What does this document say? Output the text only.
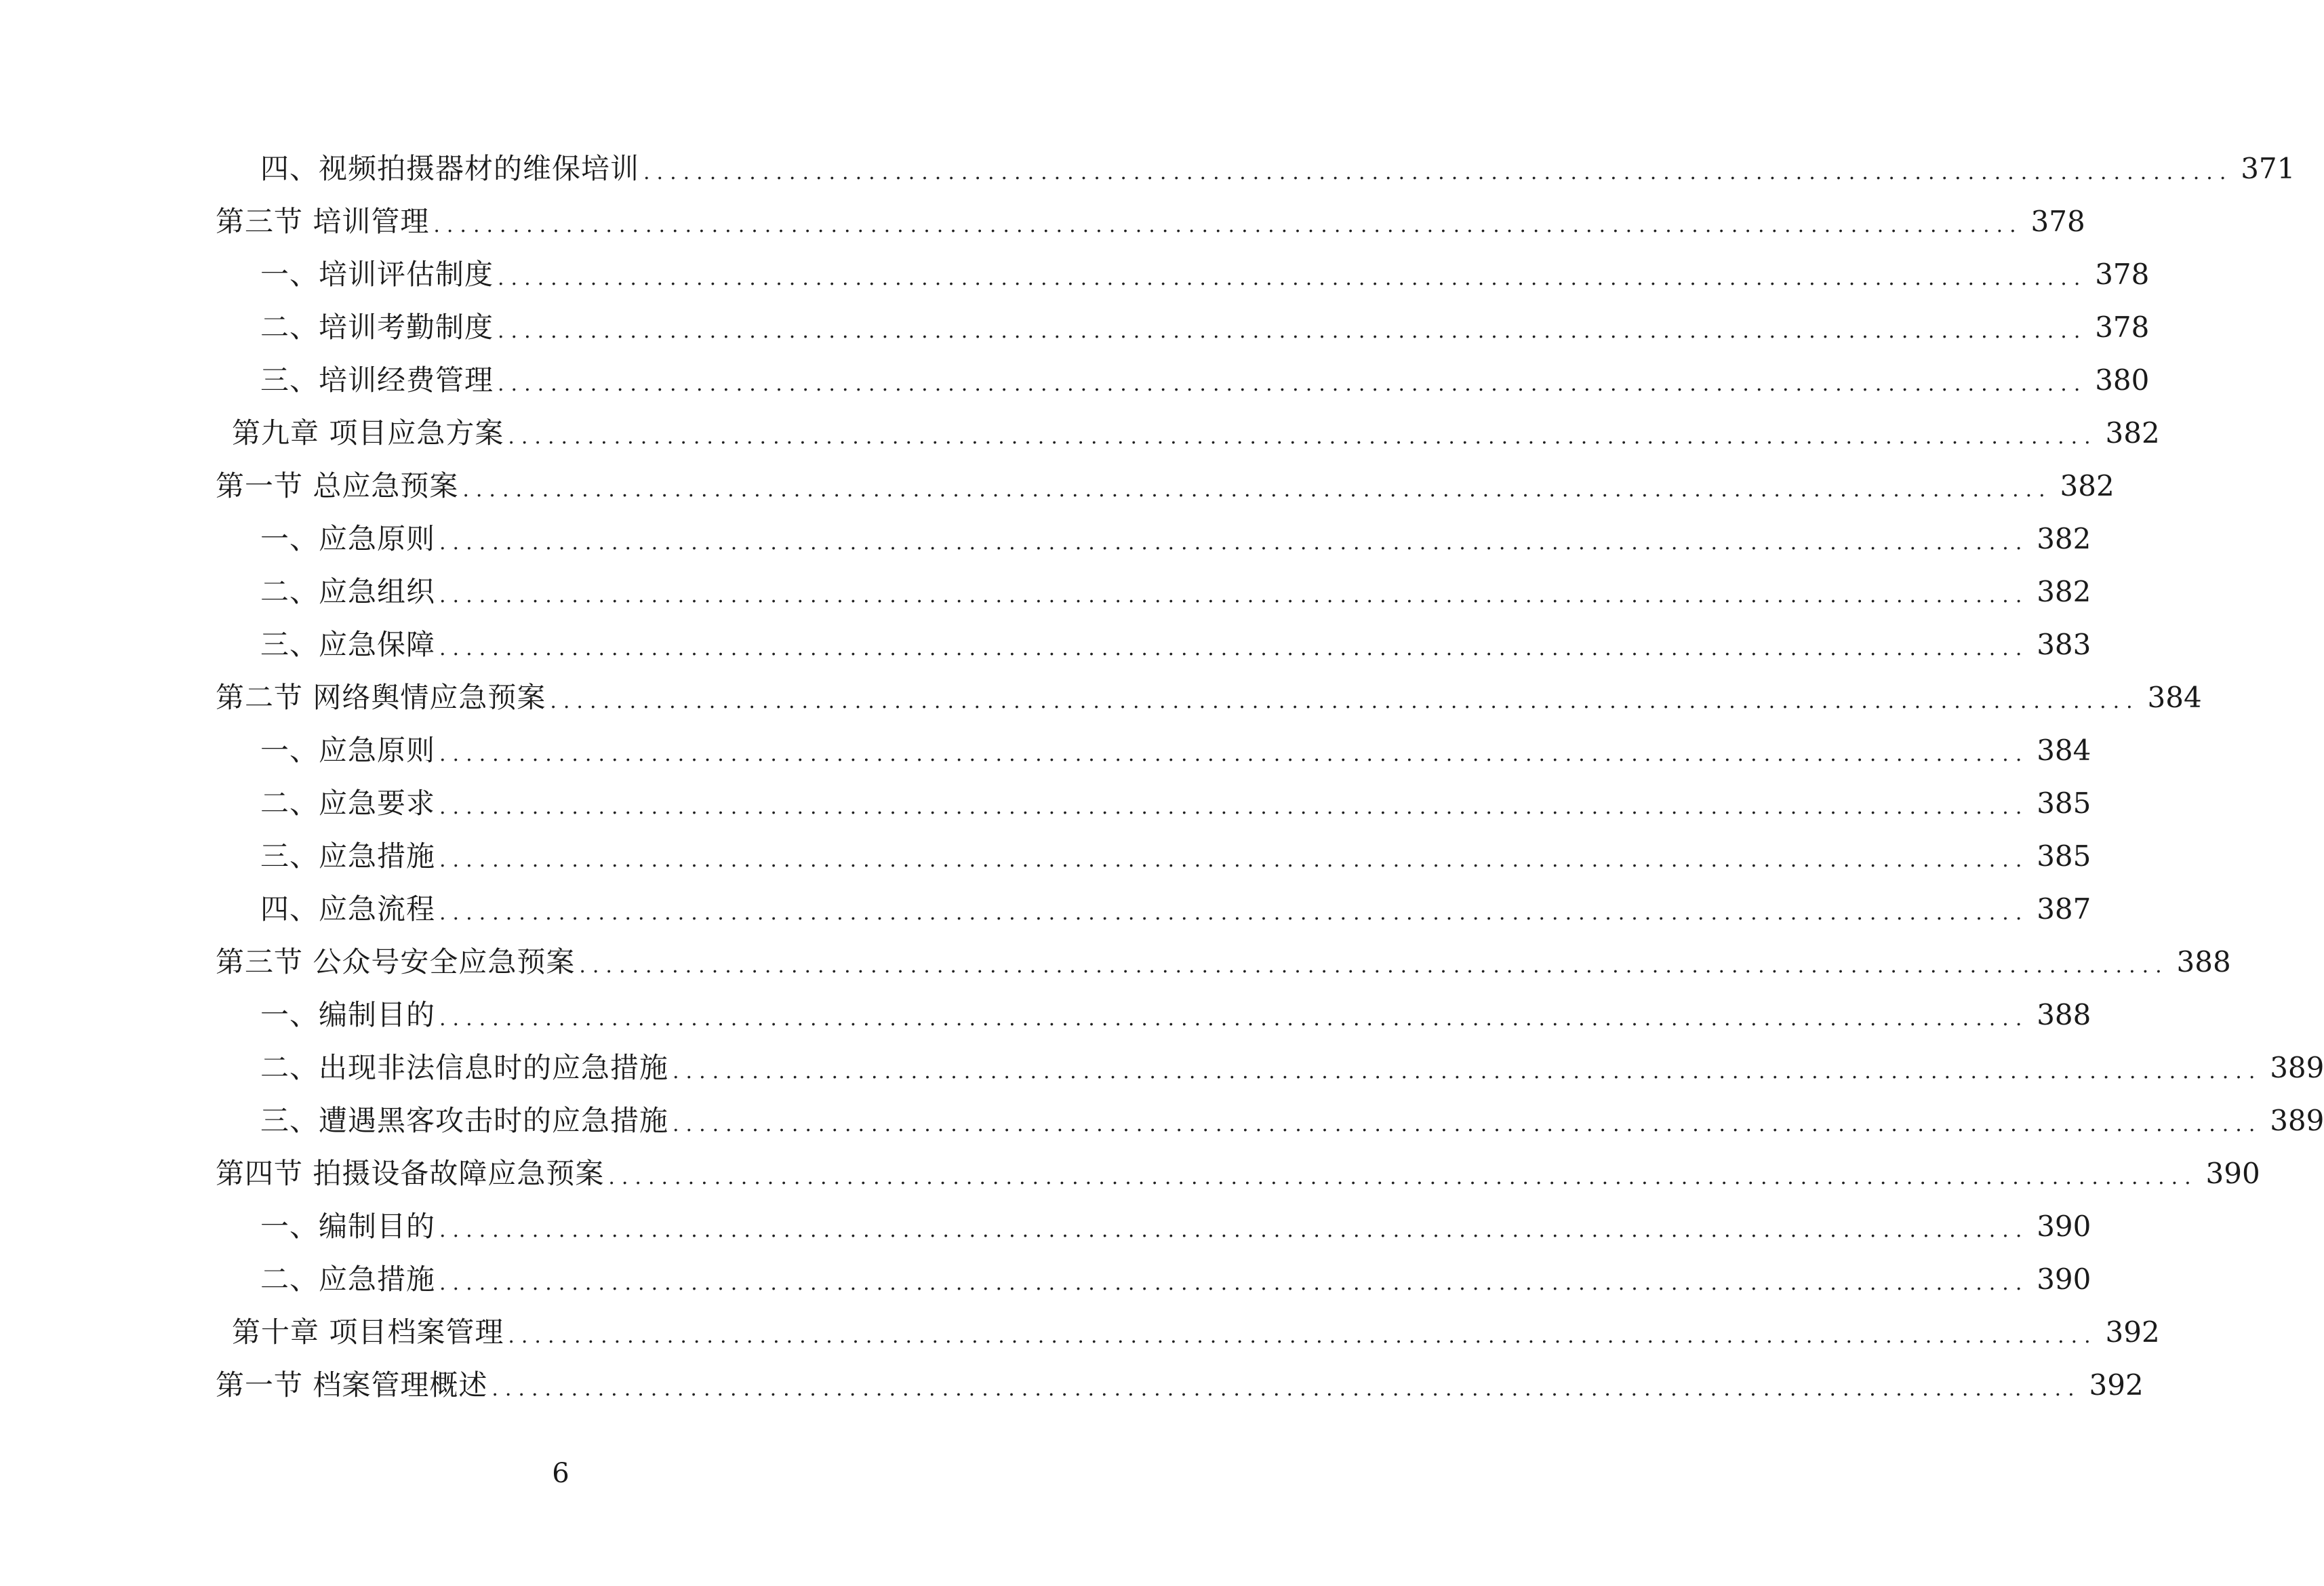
四、视频拍摄器材的维保培训 ........................................................................................................................ 371
第三节 培训管理 ........................................................................................................................ 378
一、培训评估制度 ........................................................................................................................ 378
二、培训考勤制度 ........................................................................................................................ 378
三、培训经费管理 ........................................................................................................................ 380
第九章 项目应急方案 ........................................................................................................................ 382
第一节 总应急预案 ........................................................................................................................ 382
一、应急原则 ........................................................................................................................ 382
二、应急组织 ........................................................................................................................ 382
三、应急保障 ........................................................................................................................ 383
第二节 网络舆情应急预案 ........................................................................................................................ 384
一、应急原则 ........................................................................................................................ 384
二、应急要求 ........................................................................................................................ 385
三、应急措施 ........................................................................................................................ 385
四、应急流程 ........................................................................................................................ 387
第三节 公众号安全应急预案 ........................................................................................................................ 388
一、编制目的 ........................................................................................................................ 388
二、出现非法信息时的应急措施 ........................................................................................................................ 389
三、遭遇黑客攻击时的应急措施 ........................................................................................................................ 389
第四节 拍摄设备故障应急预案 ........................................................................................................................ 390
一、编制目的 ........................................................................................................................ 390
二、应急措施 ........................................................................................................................ 390
第十章 项目档案管理 ........................................................................................................................ 392
第一节 档案管理概述 ........................................................................................................................ 392
6
